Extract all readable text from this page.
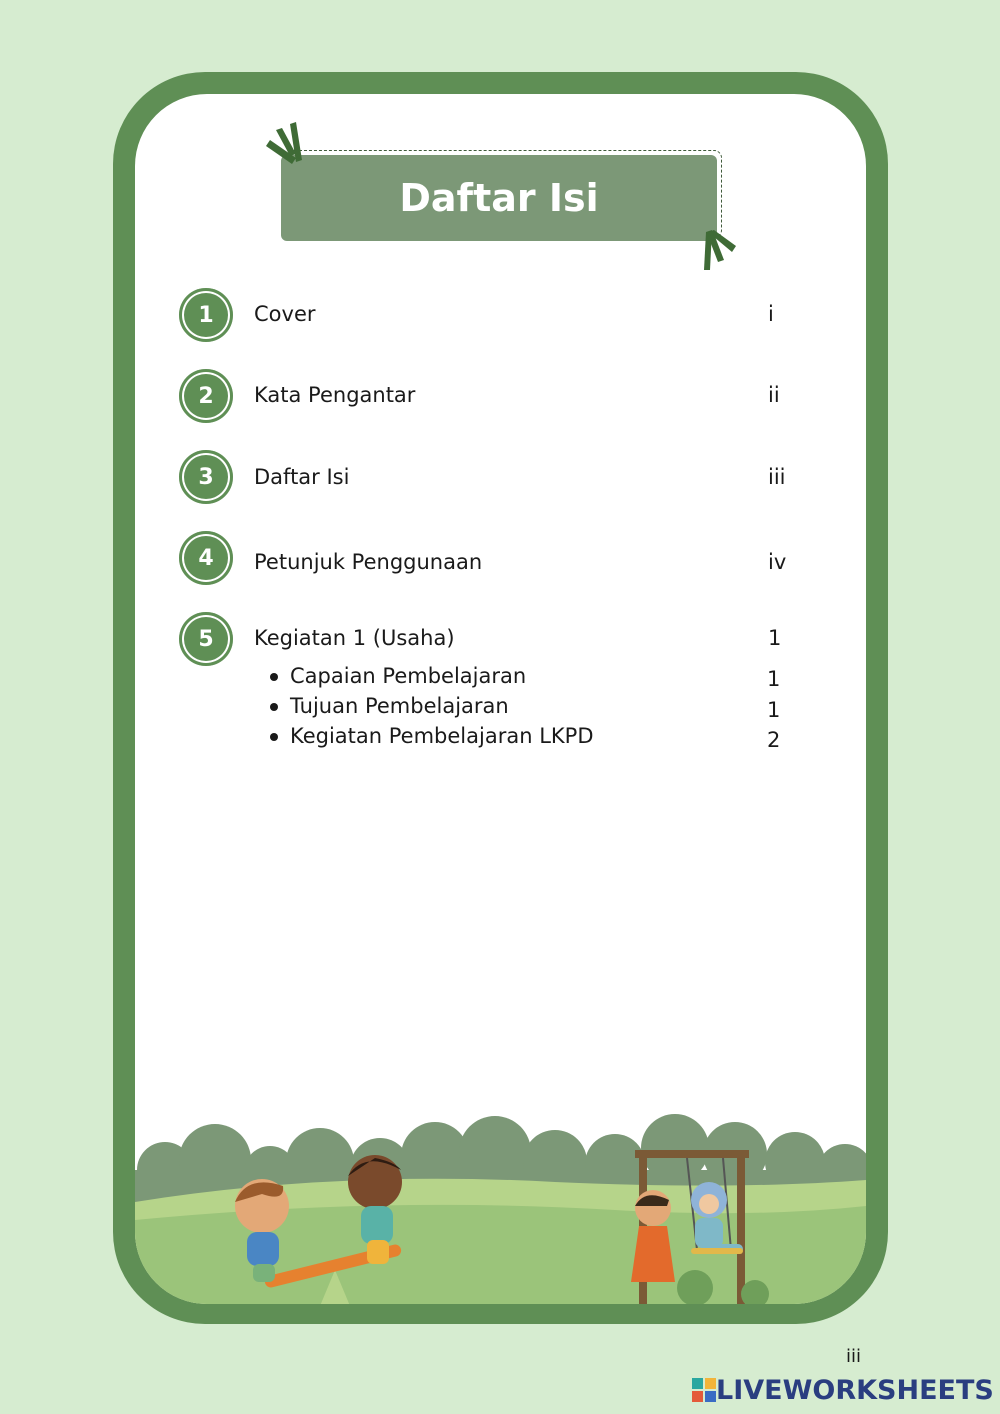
Daftar Isi
1	Cover	i
2	Kata Pengantar	ii
3	Daftar Isi	iii
4	Petunjuk Penggunaan	iv
5	Kegiatan 1 (Usaha)	1
Capaian Pembelajaran	1
Tujuan Pembelajaran	1
Kegiatan Pembelajaran LKPD	2
iii
LIVEWORKSHEETS
